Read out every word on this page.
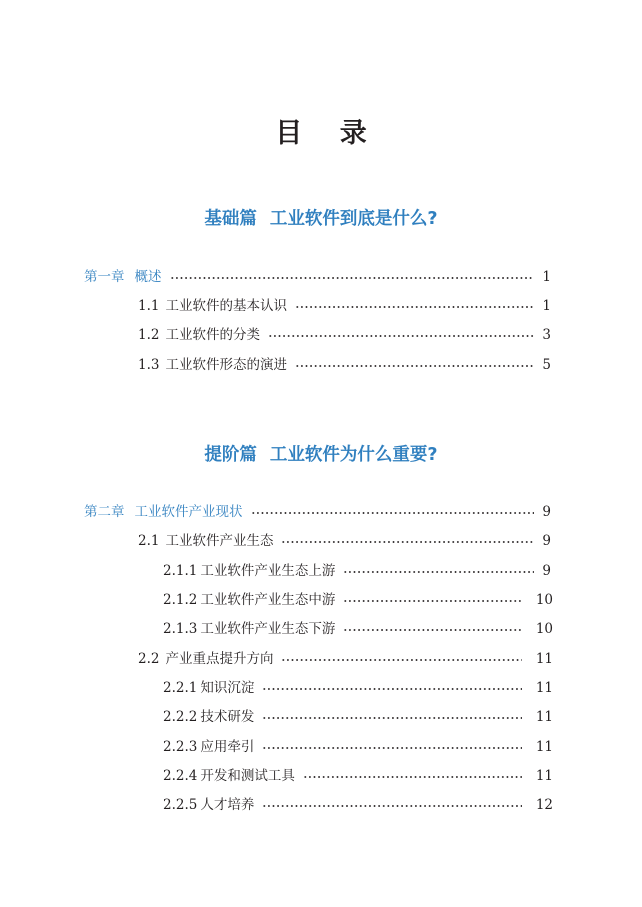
目 录
基础篇 工业软件到底是什么?
第一章 概述	1
1.1 工业软件的基本认识	1
1.2 工业软件的分类	3
1.3 工业软件形态的演进	5
提阶篇 工业软件为什么重要?
第二章 工业软件产业现状	9
2.1 工业软件产业生态	9
2.1.1 工业软件产业生态上游	9
2.1.2 工业软件产业生态中游	10
2.1.3 工业软件产业生态下游	10
2.2 产业重点提升方向	11
2.2.1 知识沉淀	11
2.2.2 技术研发	11
2.2.3 应用牵引	11
2.2.4 开发和测试工具	11
2.2.5 人才培养	12
